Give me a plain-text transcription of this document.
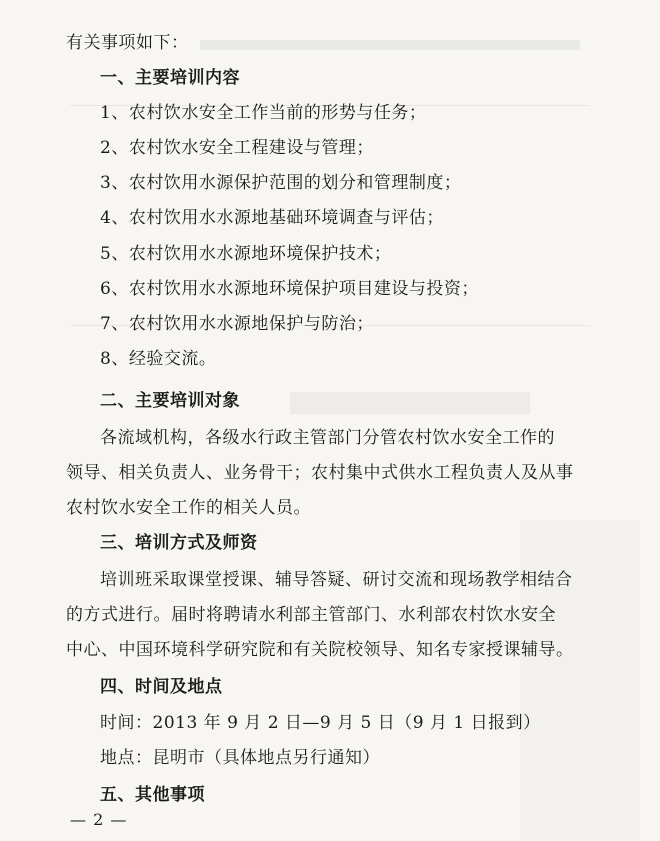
有关事项如下：
一、主要培训内容
1、农村饮水安全工作当前的形势与任务；
2、农村饮水安全工程建设与管理；
3、农村饮用水源保护范围的划分和管理制度；
4、农村饮用水水源地基础环境调查与评估；
5、农村饮用水水源地环境保护技术；
6、农村饮用水水源地环境保护项目建设与投资；
7、农村饮用水水源地保护与防治；
8、经验交流。
二、主要培训对象
各流域机构，各级水行政主管部门分管农村饮水安全工作的
领导、相关负责人、业务骨干；农村集中式供水工程负责人及从事
农村饮水安全工作的相关人员。
三、培训方式及师资
培训班采取课堂授课、辅导答疑、研讨交流和现场教学相结合
的方式进行。届时将聘请水利部主管部门、水利部农村饮水安全
中心、中国环境科学研究院和有关院校领导、知名专家授课辅导。
四、时间及地点
时间：2013 年 9 月 2 日—9 月 5 日（9 月 1 日报到）
地点：昆明市（具体地点另行通知）
五、其他事项
— 2 —
